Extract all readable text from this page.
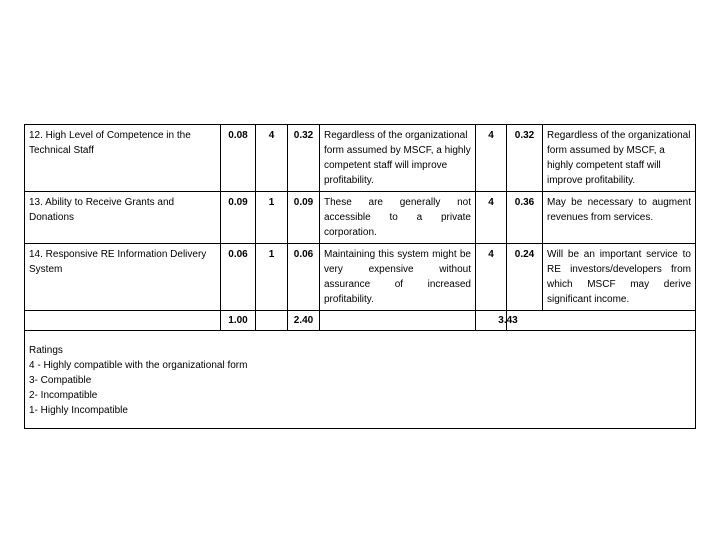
12. High Level of Competence in the Technical Staff	0.08	4	0.32	Regardless of the organizational form assumed by MSCF, a highly competent staff will improve profitability.	4	0.32	Regardless of the organizational form assumed by MSCF, a highly competent staff will improve profitability.
13. Ability to Receive Grants and Donations	0.09	1	0.09	These are generally not accessible to a private corporation.	4	0.36	May be necessary to augment revenues from services.
14. Responsive RE Information Delivery System	0.06	1	0.06	Maintaining this system might be very expensive without assurance of increased profitability.	4	0.24	Will be an important service to RE investors/developers from which MSCF may derive significant income.
	1.00		2.40			3.43	

Ratings
4 - Highly compatible with the organizational form
3- Compatible
2- Incompatible
1- Highly Incompatible							
